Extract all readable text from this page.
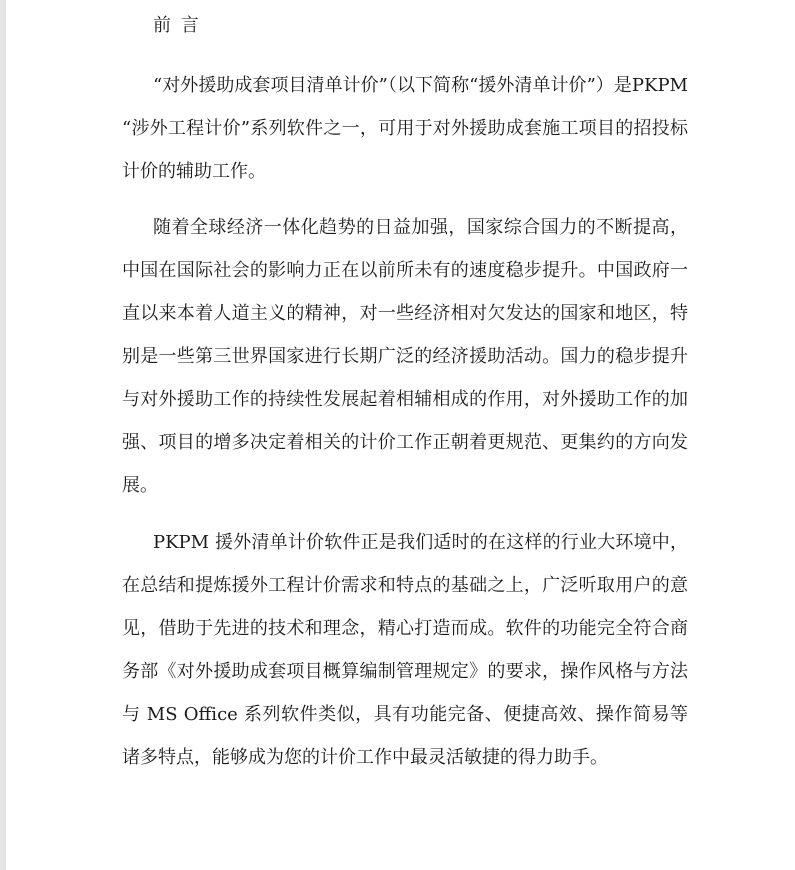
前 言

“对外援助成套项目清单计价”（以下简称“援外清单计价”）是PKPM “涉外工程计价”系列软件之一，可用于对外援助成套施工项目的招投标计价的辅助工作。

随着全球经济一体化趋势的日益加强，国家综合国力的不断提高，中国在国际社会的影响力正在以前所未有的速度稳步提升。中国政府一直以来本着人道主义的精神，对一些经济相对欠发达的国家和地区，特别是一些第三世界国家进行长期广泛的经济援助活动。国力的稳步提升与对外援助工作的持续性发展起着相辅相成的作用，对外援助工作的加强、项目的增多决定着相关的计价工作正朝着更规范、更集约的方向发展。

PKPM 援外清单计价软件正是我们适时的在这样的行业大环境中，在总结和提炼援外工程计价需求和特点的基础之上，广泛听取用户的意见，借助于先进的技术和理念，精心打造而成。软件的功能完全符合商务部《对外援助成套项目概算编制管理规定》的要求，操作风格与方法与 MS Office 系列软件类似，具有功能完备、便捷高效、操作简易等诸多特点，能够成为您的计价工作中最灵活敏捷的得力助手。
